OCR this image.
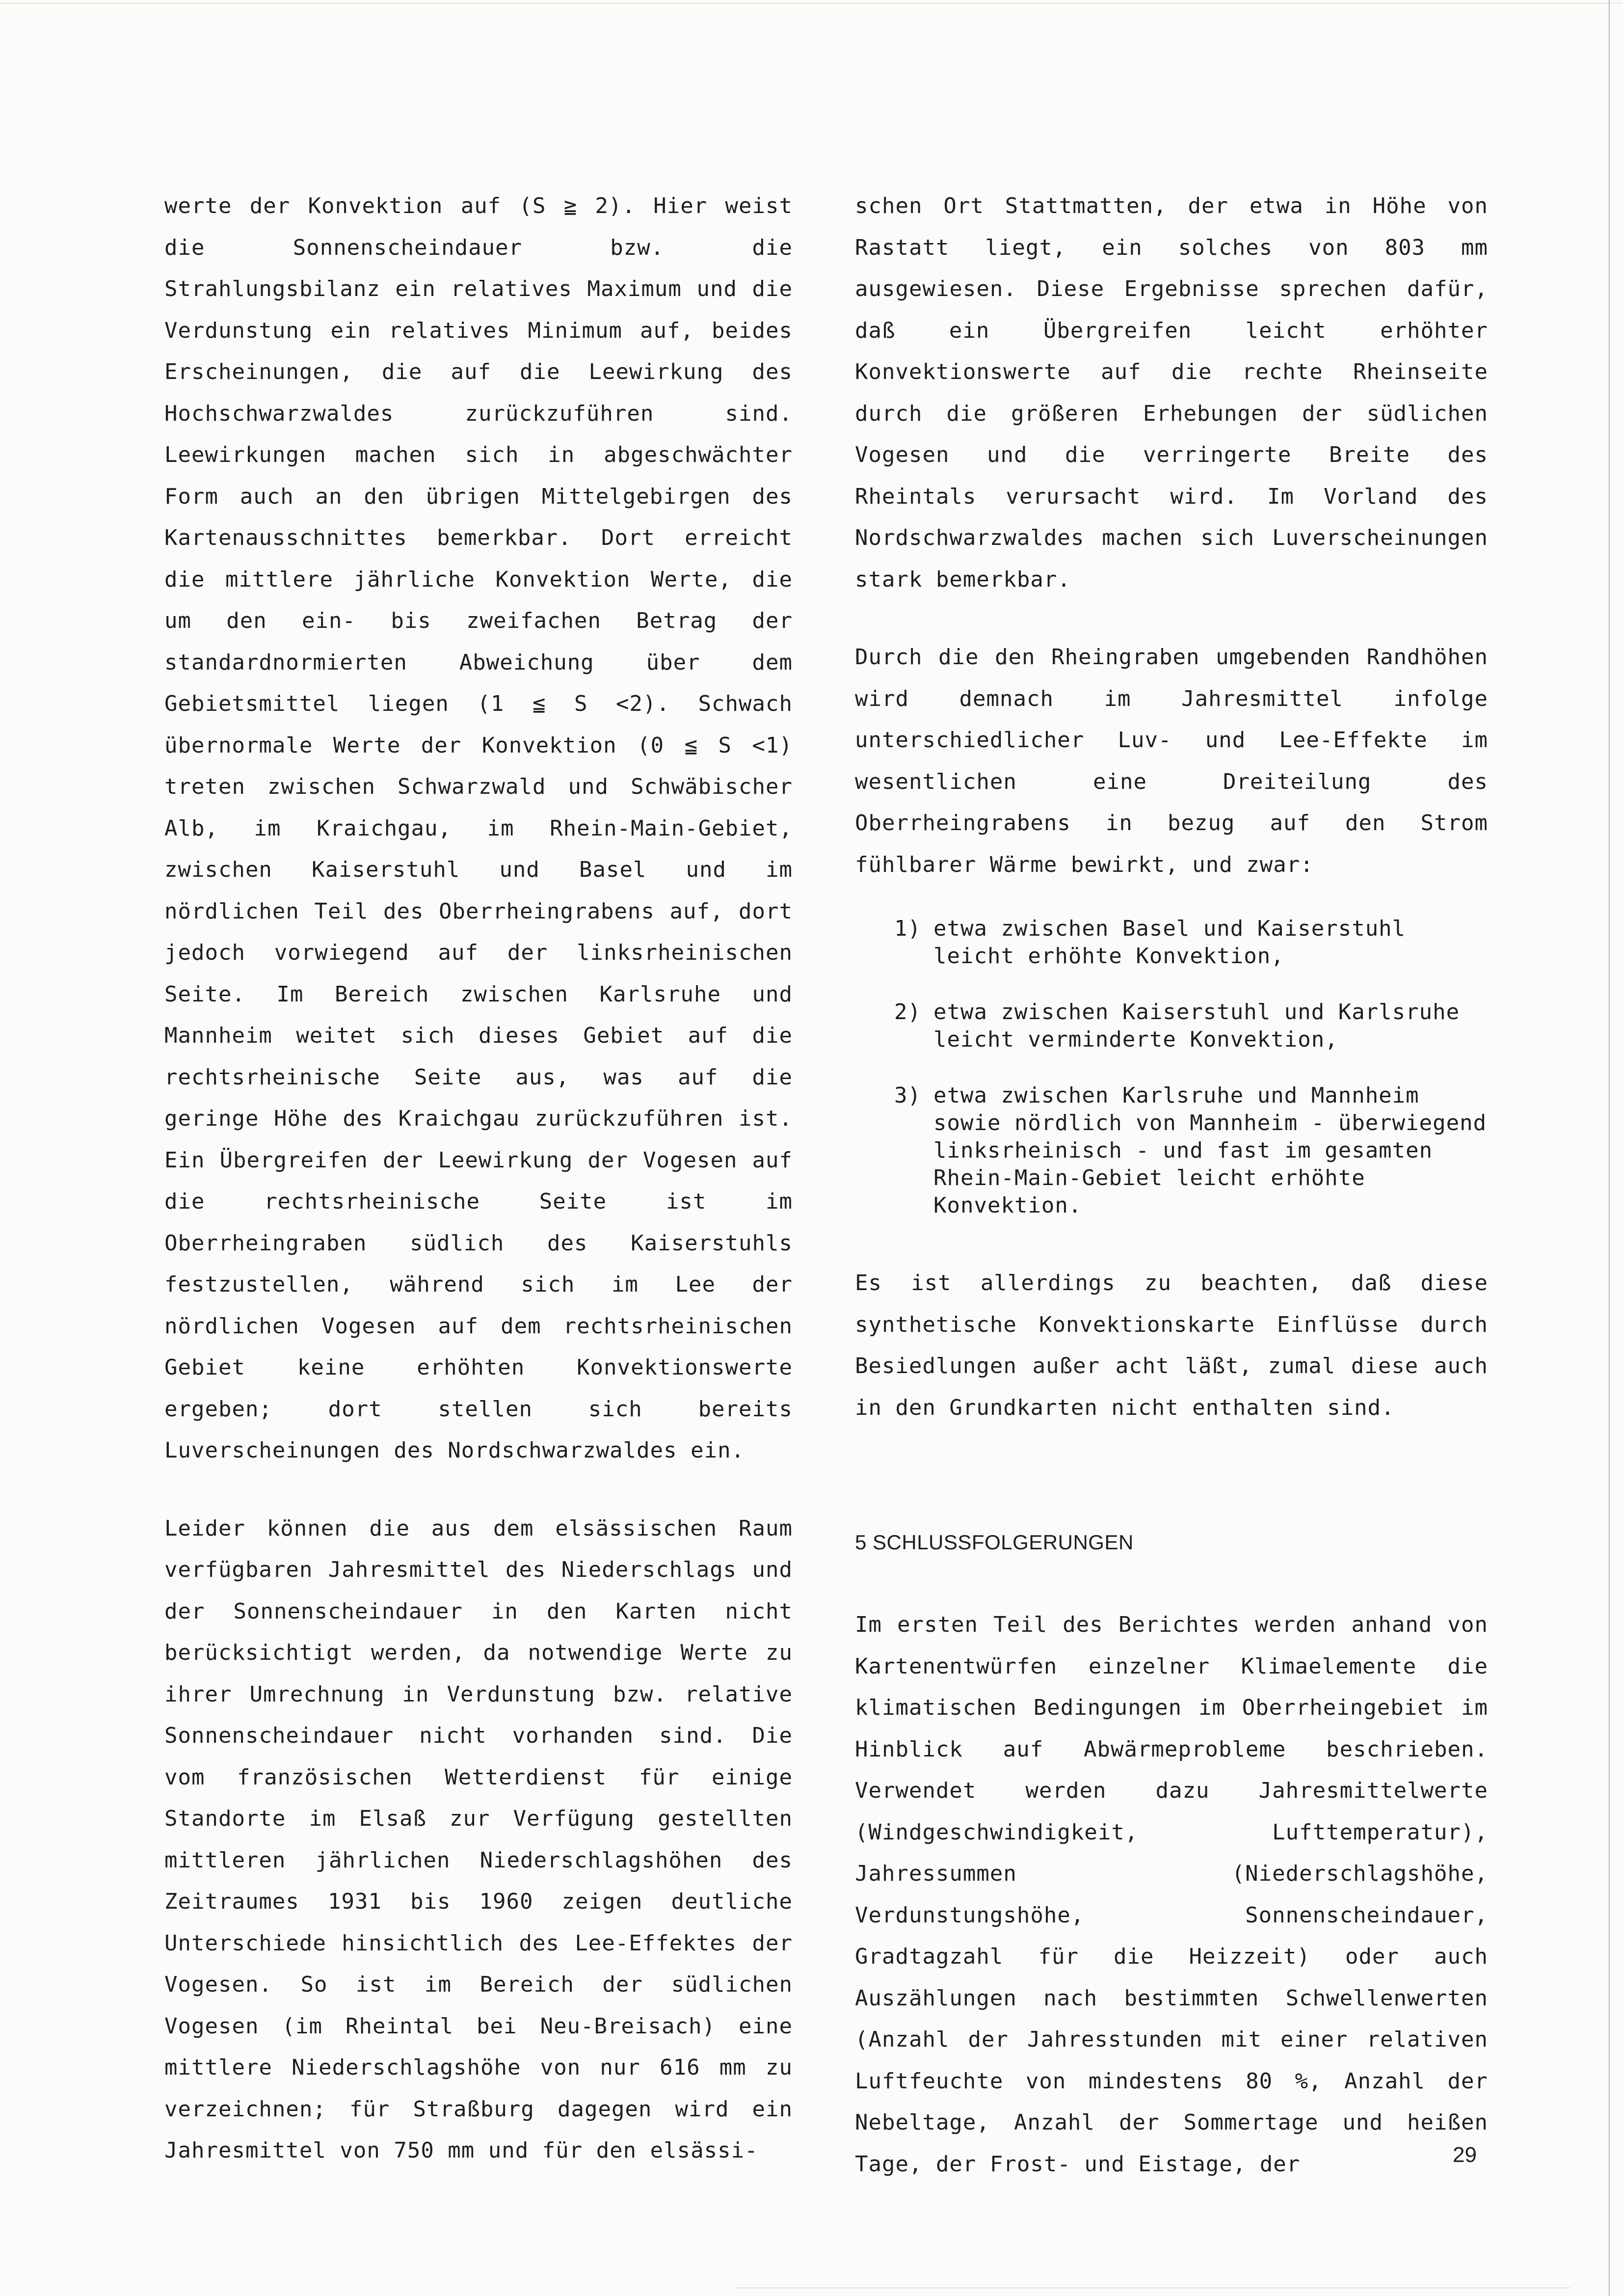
werte der Konvektion auf (S ≧ 2). Hier weist die Sonnenscheindauer bzw. die Strahlungsbilanz ein relatives Maximum und die Verdunstung ein relatives Minimum auf, beides Erscheinungen, die auf die Leewirkung des Hochschwarzwaldes zurückzuführen sind. Leewirkungen machen sich in abgeschwächter Form auch an den übrigen Mittelgebirgen des Kartenausschnittes bemerkbar. Dort erreicht die mittlere jährliche Konvektion Werte, die um den ein- bis zweifachen Betrag der standardnormierten Abweichung über dem Gebietsmittel liegen (1 ≦ S <2). Schwach übernormale Werte der Konvektion (0 ≦ S <1) treten zwischen Schwarzwald und Schwäbischer Alb, im Kraichgau, im Rhein-Main-Gebiet, zwischen Kaiserstuhl und Basel und im nördlichen Teil des Oberrheingrabens auf, dort jedoch vorwiegend auf der linksrheinischen Seite. Im Bereich zwischen Karlsruhe und Mannheim weitet sich dieses Gebiet auf die rechtsrheinische Seite aus, was auf die geringe Höhe des Kraichgau zurückzuführen ist. Ein Übergreifen der Leewirkung der Vogesen auf die rechtsrheinische Seite ist im Oberrheingraben südlich des Kaiserstuhls festzustellen, während sich im Lee der nördlichen Vogesen auf dem rechtsrheinischen Gebiet keine erhöhten Konvektionswerte ergeben; dort stellen sich bereits Luverscheinungen des Nordschwarzwaldes ein.

Leider können die aus dem elsässischen Raum verfügbaren Jahresmittel des Niederschlags und der Sonnenscheindauer in den Karten nicht berücksichtigt werden, da notwendige Werte zu ihrer Umrechnung in Verdunstung bzw. relative Sonnenscheindauer nicht vorhanden sind. Die vom französischen Wetterdienst für einige Standorte im Elsaß zur Verfügung gestellten mittleren jährlichen Niederschlagshöhen des Zeitraumes 1931 bis 1960 zeigen deutliche Unterschiede hinsichtlich des Lee-Effektes der Vogesen. So ist im Bereich der südlichen Vogesen (im Rheintal bei Neu-Breisach) eine mittlere Niederschlagshöhe von nur 616 mm zu verzeichnen; für Straßburg dagegen wird ein Jahresmittel von 750 mm und für den elsässi-

schen Ort Stattmatten, der etwa in Höhe von Rastatt liegt, ein solches von 803 mm ausgewiesen. Diese Ergebnisse sprechen dafür, daß ein Übergreifen leicht erhöhter Konvektionswerte auf die rechte Rheinseite durch die größeren Erhebungen der südlichen Vogesen und die verringerte Breite des Rheintals verursacht wird. Im Vorland des Nordschwarzwaldes machen sich Luverscheinungen stark bemerkbar.

Durch die den Rheingraben umgebenden Randhöhen wird demnach im Jahresmittel infolge unterschiedlicher Luv- und Lee-Effekte im wesentlichen eine Dreiteilung des Oberrheingrabens in bezug auf den Strom fühlbarer Wärme bewirkt, und zwar:

1) etwa zwischen Basel und Kaiserstuhl leicht erhöhte Konvektion,
2) etwa zwischen Kaiserstuhl und Karlsruhe leicht verminderte Konvektion,
3) etwa zwischen Karlsruhe und Mannheim sowie nördlich von Mannheim - überwiegend linksrheinisch - und fast im gesamten Rhein-Main-Gebiet leicht erhöhte Konvektion.

Es ist allerdings zu beachten, daß diese synthetische Konvektionskarte Einflüsse durch Besiedlungen außer acht läßt, zumal diese auch in den Grundkarten nicht enthalten sind.

5 SCHLUSSFOLGERUNGEN

Im ersten Teil des Berichtes werden anhand von Kartenentwürfen einzelner Klimaelemente die klimatischen Bedingungen im Oberrheingebiet im Hinblick auf Abwärmeprobleme beschrieben. Verwendet werden dazu Jahresmittelwerte (Windgeschwindigkeit, Lufttemperatur), Jahressummen (Niederschlagshöhe, Verdunstungshöhe, Sonnenscheindauer, Gradtagzahl für die Heizzeit) oder auch Auszählungen nach bestimmten Schwellenwerten (Anzahl der Jahresstunden mit einer relativen Luftfeuchte von mindestens 80 %, Anzahl der Nebeltage, Anzahl der Sommertage und heißen Tage, der Frost- und Eistage, der	29
